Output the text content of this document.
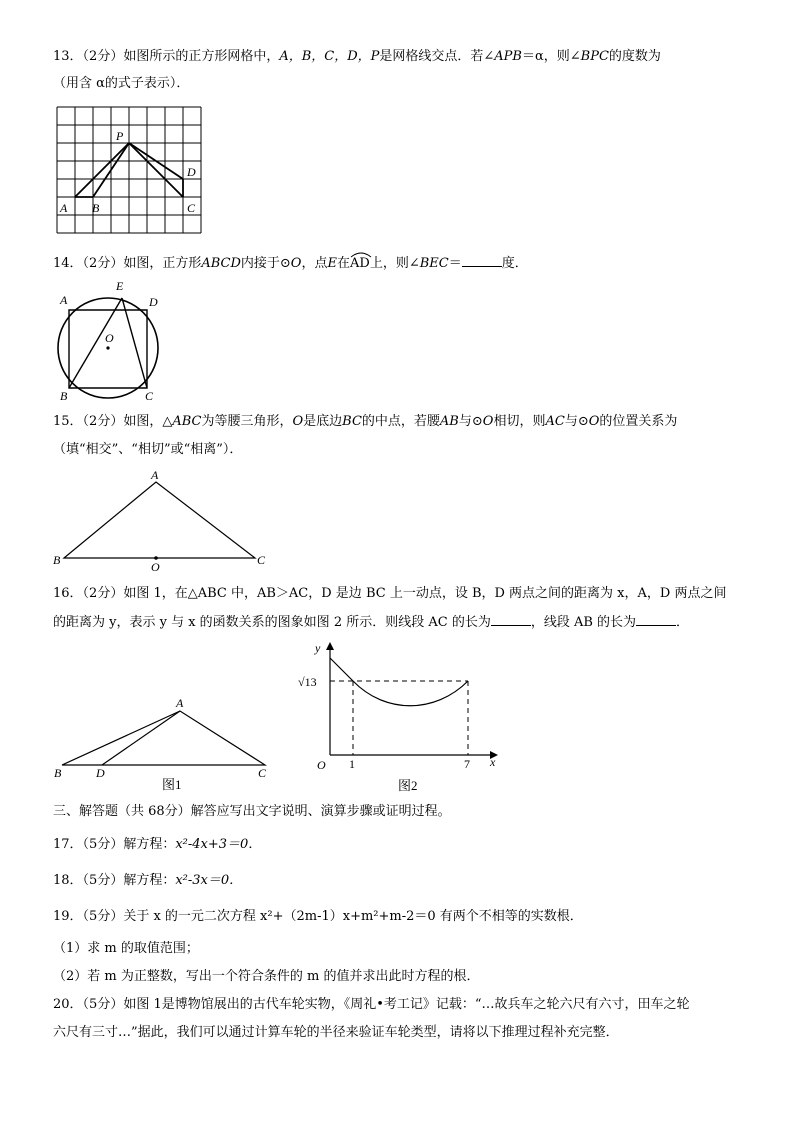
13．（2分）如图所示的正方形网格中，A，B，C，D，P是网格线交点．若∠APB＝α，则∠BPC的度数为
（用含 α的式子表示）．
P
A B	C
D
14．（2分）如图，正方形ABCD内接于⊙O，点E在AD
上，则∠BEC＝	度．
A
E
D
O
B	C
15．（2分）如图，△ABC为等腰三角形，O是底边BC的中点，若腰AB与⊙O相切，则AC与⊙O的位置关系为
（填“相交”、“相切”或“相离”）．
A
B	C
O
16．（2分）如图 1，在△ABC 中，AB＞AC，D 是边 BC 上一动点，设 B，D 两点之间的距离为 x，A，D 两点之间
的距离为 y，表示 y 与 x 的函数关系的图象如图 2 所示．则线段 AC 的长为	，线段 AB 的长为	．
A
B	D	C
图1
y
x
O
√13
1	7
图2
三、解答题（共 68分）解答应写出文字说明、演算步骤或证明过程。
17．（5分）解方程：x²-4x+3＝0．
18．（5分）解方程：x²-3x＝0．
19．（5分）关于 x 的一元二次方程 x²+（2m-1）x+m²+m-2＝0 有两个不相等的实数根．
（1）求 m 的取值范围；
（2）若 m 为正整数，写出一个符合条件的 m 的值并求出此时方程的根．
20．（5分）如图 1是博物馆展出的古代车轮实物，《周礼•考工记》记载：“…故兵车之轮六尺有六寸，田车之轮
六尺有三寸…”据此，我们可以通过计算车轮的半径来验证车轮类型，请将以下推理过程补充完整．
